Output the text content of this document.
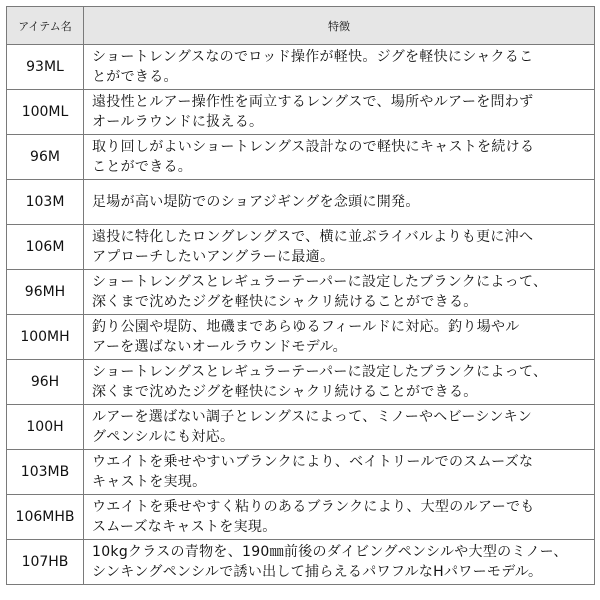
アイテム名	特徴
93ML	ショートレングスなのでロッド操作が軽快。ジグを軽快にシャクるこ
とができる。

100ML	遠投性とルアー操作性を両立するレングスで、場所やルアーを問わず
オールラウンドに扱える。

96M	取り回しがよいショートレングス設計なので軽快にキャストを続ける
ことができる。

103M	足場が高い堤防でのショアジギングを念頭に開発。

106M	遠投に特化したロングレングスで、横に並ぶライバルよりも更に沖へ
アプローチしたいアングラーに最適。

96MH	ショートレングスとレギュラーテーパーに設定したブランクによって、
深くまで沈めたジグを軽快にシャクリ続けることができる。

100MH	釣り公園や堤防、地磯まであらゆるフィールドに対応。釣り場やル
アーを選ばないオールラウンドモデル。

96H	ショートレングスとレギュラーテーパーに設定したブランクによって、
深くまで沈めたジグを軽快にシャクリ続けることができる。

100H	ルアーを選ばない調子とレングスによって、ミノーやヘビーシンキン
グペンシルにも対応。

103MB	ウエイトを乗せやすいブランクにより、ベイトリールでのスムーズな
キャストを実現。

106MHB	ウエイトを乗せやすく粘りのあるブランクにより、大型のルアーでも
スムーズなキャストを実現。

107HB	10kgクラスの青物を、190㎜前後のダイビングペンシルや大型のミノー、
シンキングペンシルで誘い出して捕らえるパワフルなHパワーモデル。
